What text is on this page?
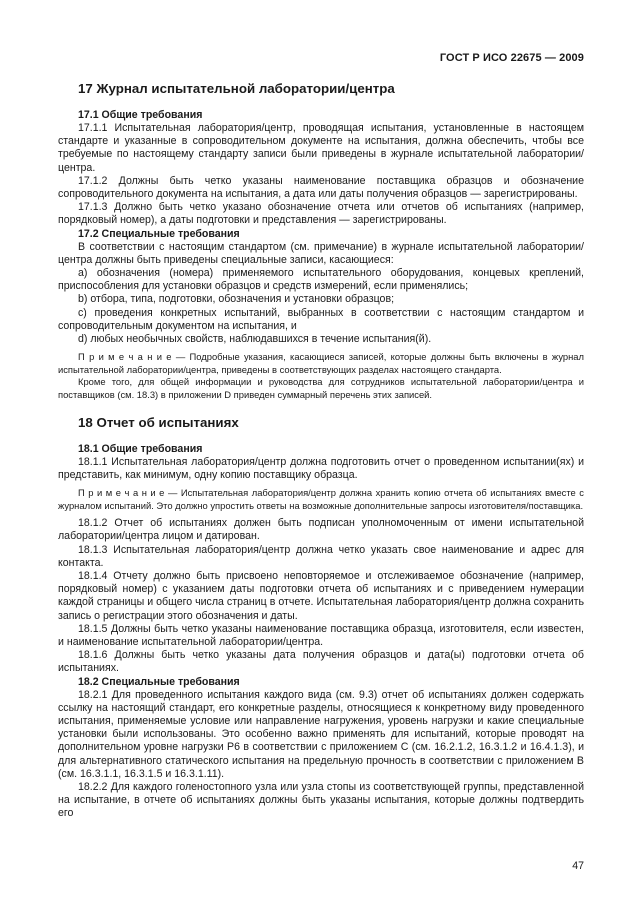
ГОСТ Р ИСО 22675 — 2009
17 Журнал испытательной лаборатории/центра
17.1 Общие требования

17.1.1 Испытательная лаборатория/центр, проводящая испытания, установленные в настоящем стандарте и указанные в сопроводительном документе на испытания, должна обеспечить, чтобы все требуемые по настоящему стандарту записи были приведены в журнале испытательной лаборатории/центра.

17.1.2 Должны быть четко указаны наименование поставщика образцов и обозначение сопроводительного документа на испытания, а дата или даты получения образцов — зарегистрированы.

17.1.3 Должно быть четко указано обозначение отчета или отчетов об испытаниях (например, порядковый номер), а даты подготовки и представления — зарегистрированы.

17.2 Специальные требования

В соответствии с настоящим стандартом (см. примечание) в журнале испытательной лаборатории/центра должны быть приведены специальные записи, касающиеся:

a) обозначения (номера) применяемого испытательного оборудования, концевых креплений, приспособления для установки образцов и средств измерений, если применялись;

b) отбора, типа, подготовки, обозначения и установки образцов;

c) проведения конкретных испытаний, выбранных в соответствии с настоящим стандартом и сопроводительным документом на испытания, и

d) любых необычных свойств, наблюдавшихся в течение испытания(й).

П р и м е ч а н и е — Подробные указания, касающиеся записей, которые должны быть включены в журнал испытательной лаборатории/центра, приведены в соответствующих разделах настоящего стандарта.

Кроме того, для общей информации и руководства для сотрудников испытательной лаборатории/центра и поставщиков (см. 18.3) в приложении D приведен суммарный перечень этих записей.

18 Отчет об испытаниях
18.1 Общие требования

18.1.1 Испытательная лаборатория/центр должна подготовить отчет о проведенном испытании(ях) и представить, как минимум, одну копию поставщику образца.

П р и м е ч а н и е — Испытательная лаборатория/центр должна хранить копию отчета об испытаниях вместе с журналом испытаний. Это должно упростить ответы на возможные дополнительные запросы изготовителя/поставщика.

18.1.2 Отчет об испытаниях должен быть подписан уполномоченным от имени испытательной лаборатории/центра лицом и датирован.

18.1.3 Испытательная лаборатория/центр должна четко указать свое наименование и адрес для контакта.

18.1.4 Отчету должно быть присвоено неповторяемое и отслеживаемое обозначение (например, порядковый номер) с указанием даты подготовки отчета об испытаниях и с приведением нумерации каждой страницы и общего числа страниц в отчете. Испытательная лаборатория/центр должна сохранить запись о регистрации этого обозначения и даты.

18.1.5 Должны быть четко указаны наименование поставщика образца, изготовителя, если известен, и наименование испытательной лаборатории/центра.

18.1.6 Должны быть четко указаны дата получения образцов и дата(ы) подготовки отчета об испытаниях.

18.2 Специальные требования

18.2.1 Для проведенного испытания каждого вида (см. 9.3) отчет об испытаниях должен содержать ссылку на настоящий стандарт, его конкретные разделы, относящиеся к конкретному виду проведенного испытания, применяемые условие или направление нагружения, уровень нагрузки и какие специальные установки были использованы. Это особенно важно применять для испытаний, которые проводят на дополнительном уровне нагрузки P6 в соответствии с приложением C (см. 16.2.1.2, 16.3.1.2 и 16.4.1.3), и для альтернативного статического испытания на предельную прочность в соответствии с приложением B (см. 16.3.1.1, 16.3.1.5 и 16.3.1.11).

18.2.2 Для каждого голеностопного узла или узла стопы из соответствующей группы, представленной на испытание, в отчете об испытаниях должны быть указаны испытания, которые должны подтвердить его

47
